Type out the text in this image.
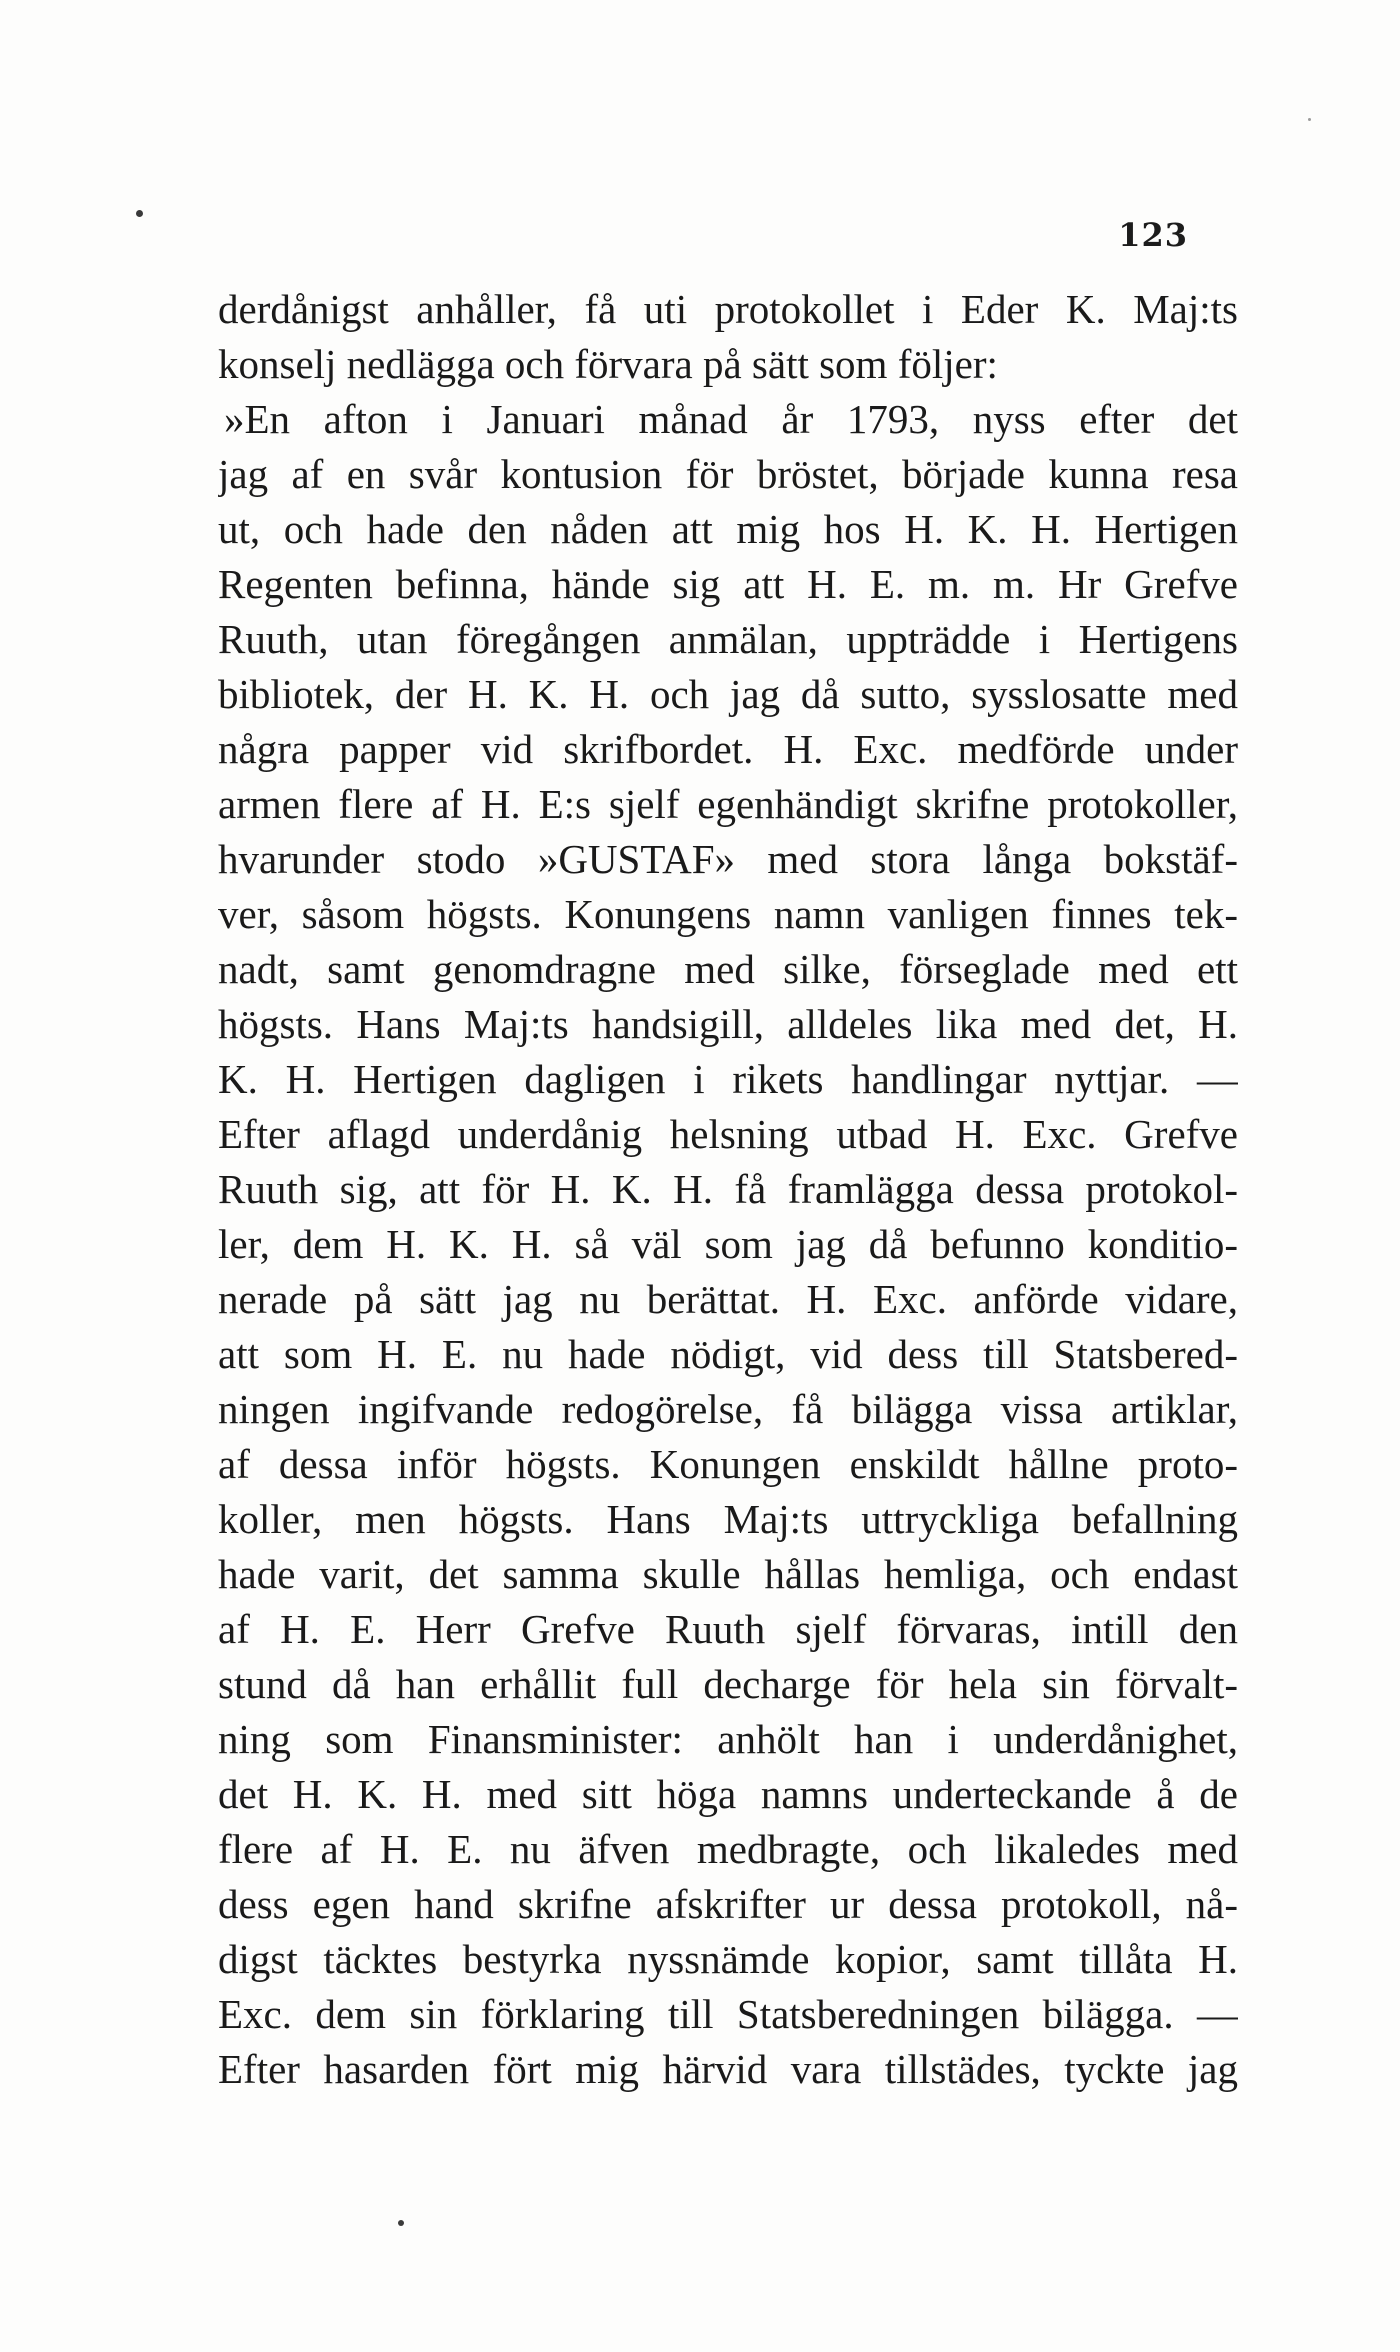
123
derdånigst anhåller, få uti protokollet i Eder K. Maj:ts
konselj nedlägga och förvara på sätt som följer:
»En afton i Januari månad år 1793, nyss efter det
jag af en svår kontusion för bröstet, började kunna resa
ut, och hade den nåden att mig hos H. K. H. Hertigen
Regenten befinna, hände sig att H. E. m. m. Hr Grefve
Ruuth, utan föregången anmälan, uppträdde i Hertigens
bibliotek, der H. K. H. och jag då sutto, sysslosatte med
några papper vid skrifbordet. H. Exc. medförde under
armen flere af H. E:s sjelf egenhändigt skrifne protokoller,
hvarunder stodo »GUSTAF» med stora långa bokstäf-
ver, såsom högsts. Konungens namn vanligen finnes tek-
nadt, samt genomdragne med silke, förseglade med ett
högsts. Hans Maj:ts handsigill, alldeles lika med det, H.
K. H. Hertigen dagligen i rikets handlingar nyttjar. —
Efter aflagd underdånig helsning utbad H. Exc. Grefve
Ruuth sig, att för H. K. H. få framlägga dessa protokol-
ler, dem H. K. H. så väl som jag då befunno konditio-
nerade på sätt jag nu berättat. H. Exc. anförde vidare,
att som H. E. nu hade nödigt, vid dess till Statsbered-
ningen ingifvande redogörelse, få bilägga vissa artiklar,
af dessa inför högsts. Konungen enskildt hållne proto-
koller, men högsts. Hans Maj:ts uttryckliga befallning
hade varit, det samma skulle hållas hemliga, och endast
af H. E. Herr Grefve Ruuth sjelf förvaras, intill den
stund då han erhållit full decharge för hela sin förvalt-
ning som Finansminister: anhölt han i underdånighet,
det H. K. H. med sitt höga namns underteckande å de
flere af H. E. nu äfven medbragte, och likaledes med
dess egen hand skrifne afskrifter ur dessa protokoll, nå-
digst täcktes bestyrka nyssnämde kopior, samt tillåta H.
Exc. dem sin förklaring till Statsberedningen bilägga. —
Efter hasarden fört mig härvid vara tillstädes, tyckte jag
